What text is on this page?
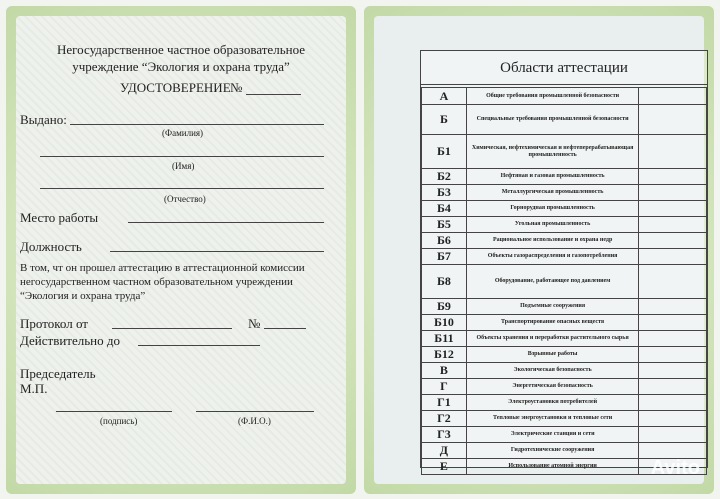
Негосударственное частное образовательное
учреждение “Экология и охрана труда”
УДОСТОВЕРЕНИЕ №
Выдано:
(Фамилия)
(Имя)
(Отчество)
Место работы
Должность
В том, чт он прошел аттестацию в аттестационной комиссии
негосударственном частном образовательном учреждении
“Экология и охрана труда”
Протокол от	№
Действительно до
Председатель
М.П.
(подпись)	(Ф.И.О.)
Области аттестации
А	Общие требования промышленной безопасности	
Б	Специальные требования промышленной безопасности	
Б1	Химическая, нефтехимическая и нефтеперерабатывающая промышленность	
Б2	Нефтяная и газовая промышленность	
Б3	Металлургическая промышленность	
Б4	Горнорудная промышленность	
Б5	Угольная промышленность	
Б6	Рациональное использование и охрана недр	
Б7	Объекты газораспределения и газопотребления	
Б8	Оборудование, работающее под давлением	
Б9	Подъемные сооружения	
Б10	Транспортирование опасных веществ	
Б11	Объекты хранения и переработки растительного сырья	
Б12	Взрывные работы	
В	Экологическая безопасность	
Г	Энергетическая безопасность	
Г1	Электроустановки потребителей	
Г2	Тепловые энергоустановки и тепловые сети	
Г3	Электрические станции и сети	
Д	Гидротехнические сооружения	
Е	Использование атомной энергии		Avito
